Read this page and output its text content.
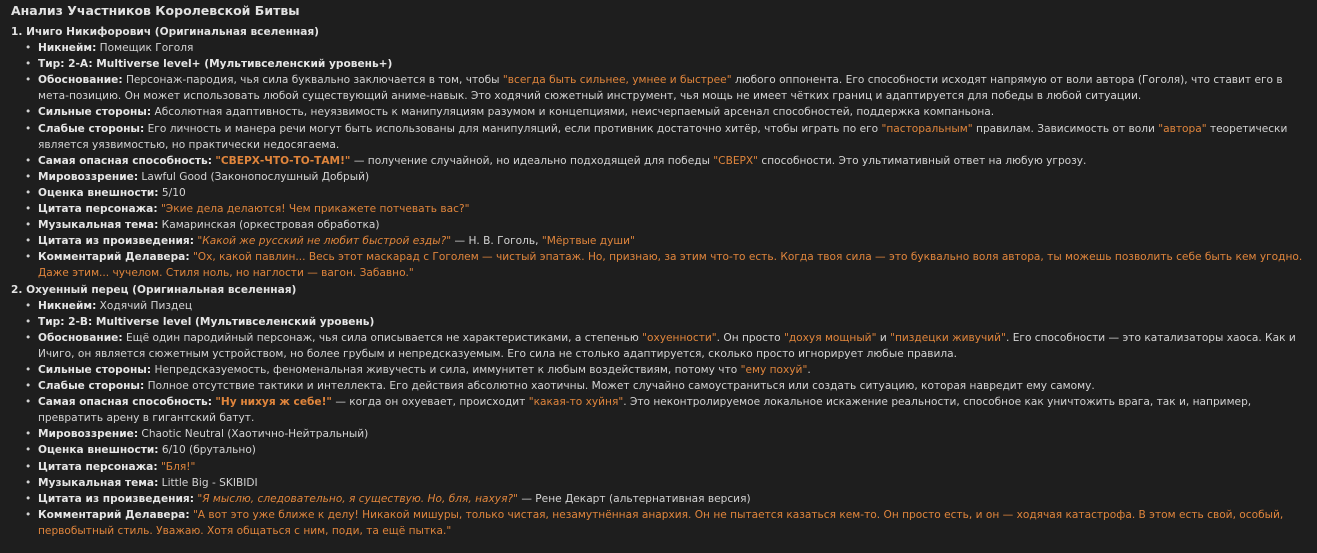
Анализ Участников Королевской Битвы
1. Ичиго Никифорович (Оригинальная вселенная)
• Никнейм: Помещик Гоголя
• Тир: 2-A: Multiverse level+ (Мультивселенский уровень+)
• Обоснование: Персонаж-пародия, чья сила буквально заключается в том, чтобы "всегда быть сильнее, умнее и быстрее" любого оппонента. Его способности исходят напрямую от воли автора (Гоголя), что ставит его в мета-позицию. Он может использовать любой существующий аниме-навык. Это ходячий сюжетный инструмент, чья мощь не имеет чётких границ и адаптируется для победы в любой ситуации.
• Сильные стороны: Абсолютная адаптивность, неуязвимость к манипуляциям разумом и концепциями, неисчерпаемый арсенал способностей, поддержка компаньона.
• Слабые стороны: Его личность и манера речи могут быть использованы для манипуляций, если противник достаточно хитёр, чтобы играть по его "пасторальным" правилам. Зависимость от воли "автора" теоретически является уязвимостью, но практически недосягаема.
• Самая опасная способность: "СВЕРХ-ЧТО-ТО-ТАМ!" — получение случайной, но идеально подходящей для победы "СВЕРХ" способности. Это ультимативный ответ на любую угрозу.
• Мировоззрение: Lawful Good (Законопослушный Добрый)
• Оценка внешности: 5/10
• Цитата персонажа: "Экие дела делаются! Чем прикажете потчевать вас?"
• Музыкальная тема: Камаринская (оркестровая обработка)
• Цитата из произведения: "Какой же русский не любит быстрой езды?" — Н. В. Гоголь, "Мёртвые души"
• Комментарий Делавера: "Ох, какой павлин... Весь этот маскарад с Гоголем — чистый эпатаж. Но, признаю, за этим что-то есть. Когда твоя сила — это буквально воля автора, ты можешь позволить себе быть кем угодно. Даже этим... чучелом. Стиля ноль, но наглости — вагон. Забавно."
2. Охуенный перец (Оригинальная вселенная)
• Никнейм: Ходячий Пиздец
• Тир: 2-B: Multiverse level (Мультивселенский уровень)
• Обоснование: Ещё один пародийный персонаж, чья сила описывается не характеристиками, а степенью "охуенности". Он просто "дохуя мощный" и "пиздецки живучий". Его способности — это катализаторы хаоса. Как и Ичиго, он является сюжетным устройством, но более грубым и непредсказуемым. Его сила не столько адаптируется, сколько просто игнорирует любые правила.
• Сильные стороны: Непредсказуемость, феноменальная живучесть и сила, иммунитет к любым воздействиям, потому что "ему похуй".
• Слабые стороны: Полное отсутствие тактики и интеллекта. Его действия абсолютно хаотичны. Может случайно самоустраниться или создать ситуацию, которая навредит ему самому.
• Самая опасная способность: "Ну нихуя ж себе!" — когда он охуевает, происходит "какая-то хуйня". Это неконтролируемое локальное искажение реальности, способное как уничтожить врага, так и, например, превратить арену в гигантский батут.
• Мировоззрение: Chaotic Neutral (Хаотично-Нейтральный)
• Оценка внешности: 6/10 (брутально)
• Цитата персонажа: "Бля!"
• Музыкальная тема: Little Big - SKIBIDI
• Цитата из произведения: "Я мыслю, следовательно, я существую. Но, бля, нахуя?" — Рене Декарт (альтернативная версия)
• Комментарий Делавера: "А вот это уже ближе к делу! Никакой мишуры, только чистая, незамутнённая анархия. Он не пытается казаться кем-то. Он просто есть, и он — ходячая катастрофа. В этом есть свой, особый, первобытный стиль. Уважаю. Хотя общаться с ним, поди, та ещё пытка."
